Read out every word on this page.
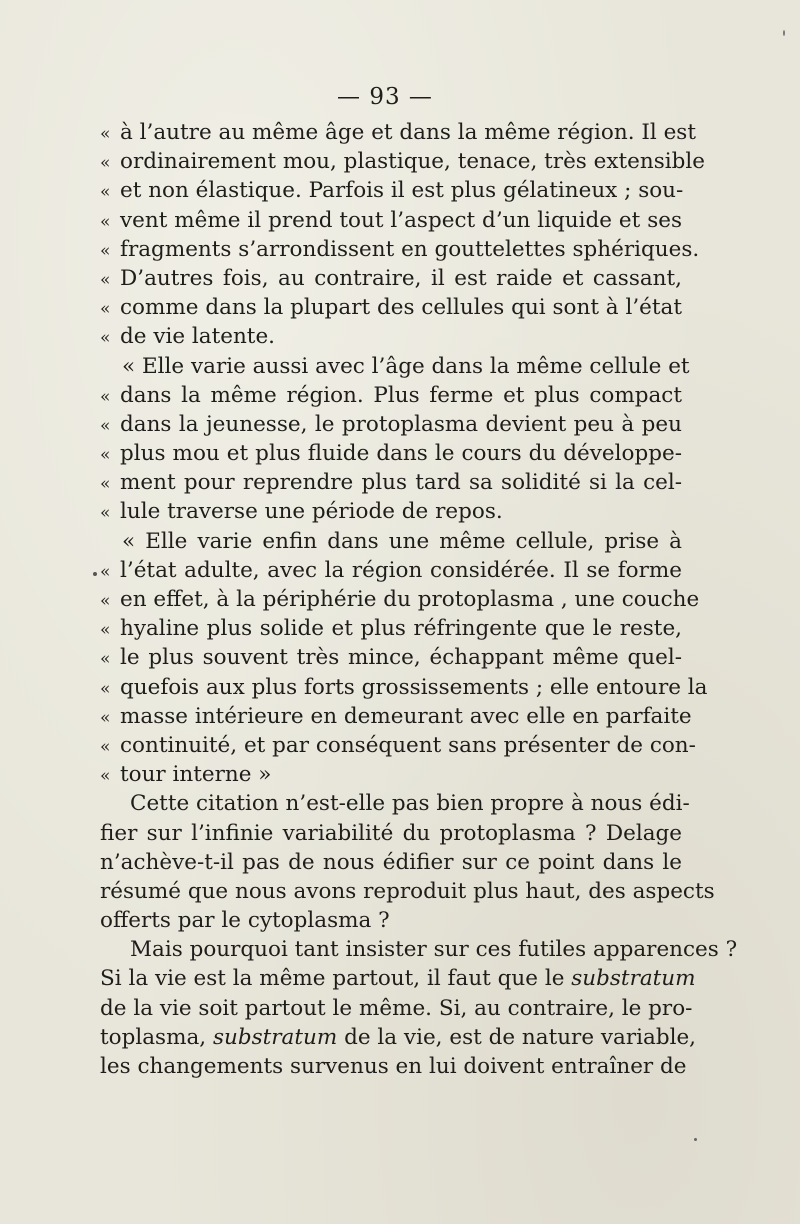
— 93 —
« à l’autre au même âge et dans la même région. Il est
« ordinairement mou, plastique, tenace, très extensible
« et non élastique. Parfois il est plus gélatineux ; sou-
« vent même il prend tout l’aspect d’un liquide et ses
« fragments s’arrondissent en gouttelettes sphériques.
« D’autres fois, au contraire, il est raide et cassant,
« comme dans la plupart des cellules qui sont à l’état
« de vie latente.
« Elle varie aussi avec l’âge dans la même cellule et
« dans la même région. Plus ferme et plus compact
« dans la jeunesse, le protoplasma devient peu à peu
« plus mou et plus fluide dans le cours du développe-
« ment pour reprendre plus tard sa solidité si la cel-
« lule traverse une période de repos.
« Elle varie enfin dans une même cellule, prise à
« l’état adulte, avec la région considérée. Il se forme
« en effet, à la périphérie du protoplasma , une couche
« hyaline plus solide et plus réfringente que le reste,
« le plus souvent très mince, échappant même quel-
« quefois aux plus forts grossissements ; elle entoure la
« masse intérieure en demeurant avec elle en parfaite
« continuité, et par conséquent sans présenter de con-
« tour interne »
Cette citation n’est-elle pas bien propre à nous édi-
fier sur l’infinie variabilité du protoplasma ? Delage
n’achève-t-il pas de nous édifier sur ce point dans le
résumé que nous avons reproduit plus haut, des aspects
offerts par le cytoplasma ?
Mais pourquoi tant insister sur ces futiles apparences ?
Si la vie est la même partout, il faut que le substratum
de la vie soit partout le même. Si, au contraire, le pro-
toplasma, substratum de la vie, est de nature variable,
les changements survenus en lui doivent entraîner de
